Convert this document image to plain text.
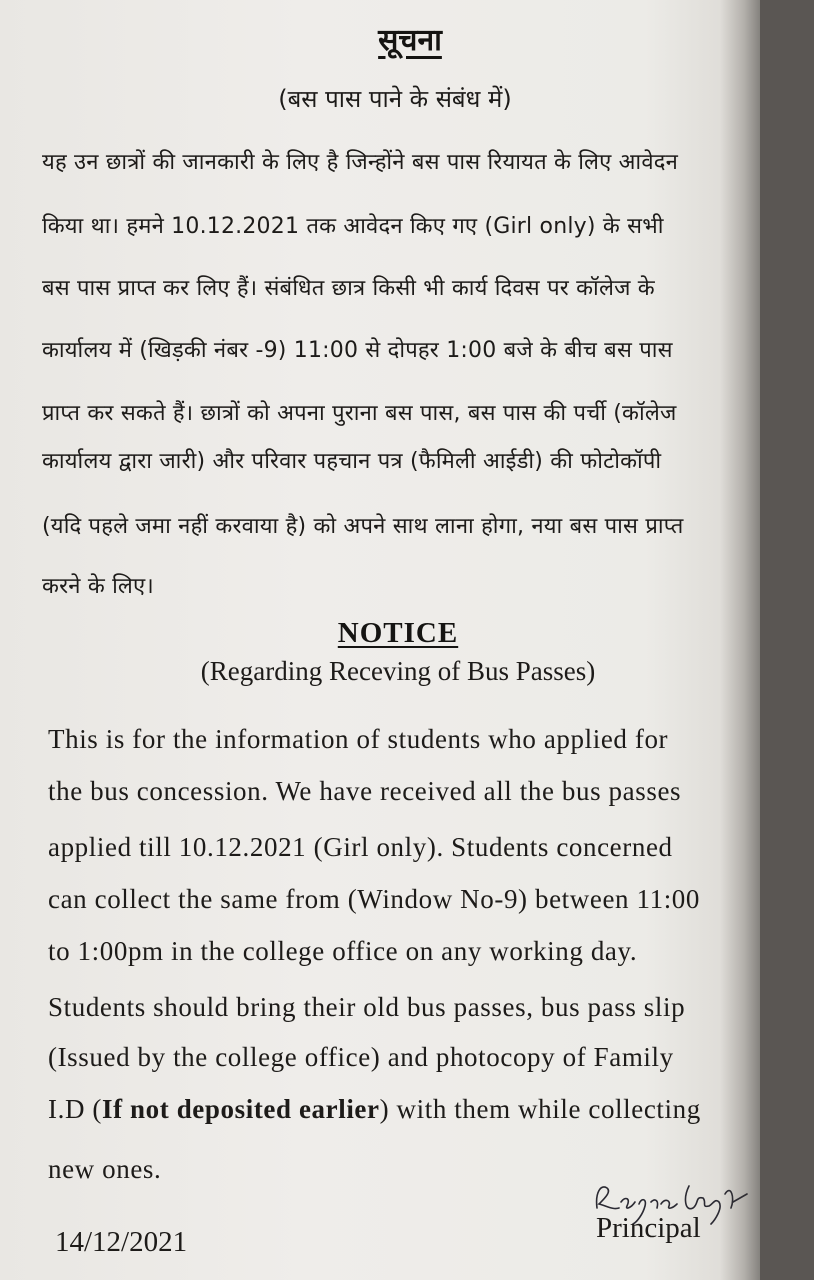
सूचना
(बस पास पाने के संबंध में)
यह उन छात्रों की जानकारी के लिए है जिन्होंने बस पास रियायत के लिए आवेदन
किया था। हमने 10.12.2021 तक आवेदन किए गए (Girl only) के सभी
बस पास प्राप्त कर लिए हैं। संबंधित छात्र किसी भी कार्य दिवस पर कॉलेज के
कार्यालय में (खिड़की नंबर -9) 11:00 से दोपहर 1:00 बजे के बीच बस पास
प्राप्त कर सकते हैं। छात्रों को अपना पुराना बस पास, बस पास की पर्ची (कॉलेज
कार्यालय द्वारा जारी) और परिवार पहचान पत्र (फैमिली आईडी) की फोटोकॉपी
(यदि पहले जमा नहीं करवाया है) को अपने साथ लाना होगा, नया बस पास प्राप्त
करने के लिए।
NOTICE
(Regarding Receving of Bus Passes)
This is for the information of students who applied for
the bus concession. We have received all the bus passes
applied till 10.12.2021 (Girl only). Students concerned
can collect the same from (Window No-9) between 11:00
to 1:00pm in the college office on any working day.
Students should bring their old bus passes, bus pass slip
(Issued by the college office) and photocopy of Family
I.D (If not deposited earlier) with them while collecting
new ones.
14/12/2021	Principal
